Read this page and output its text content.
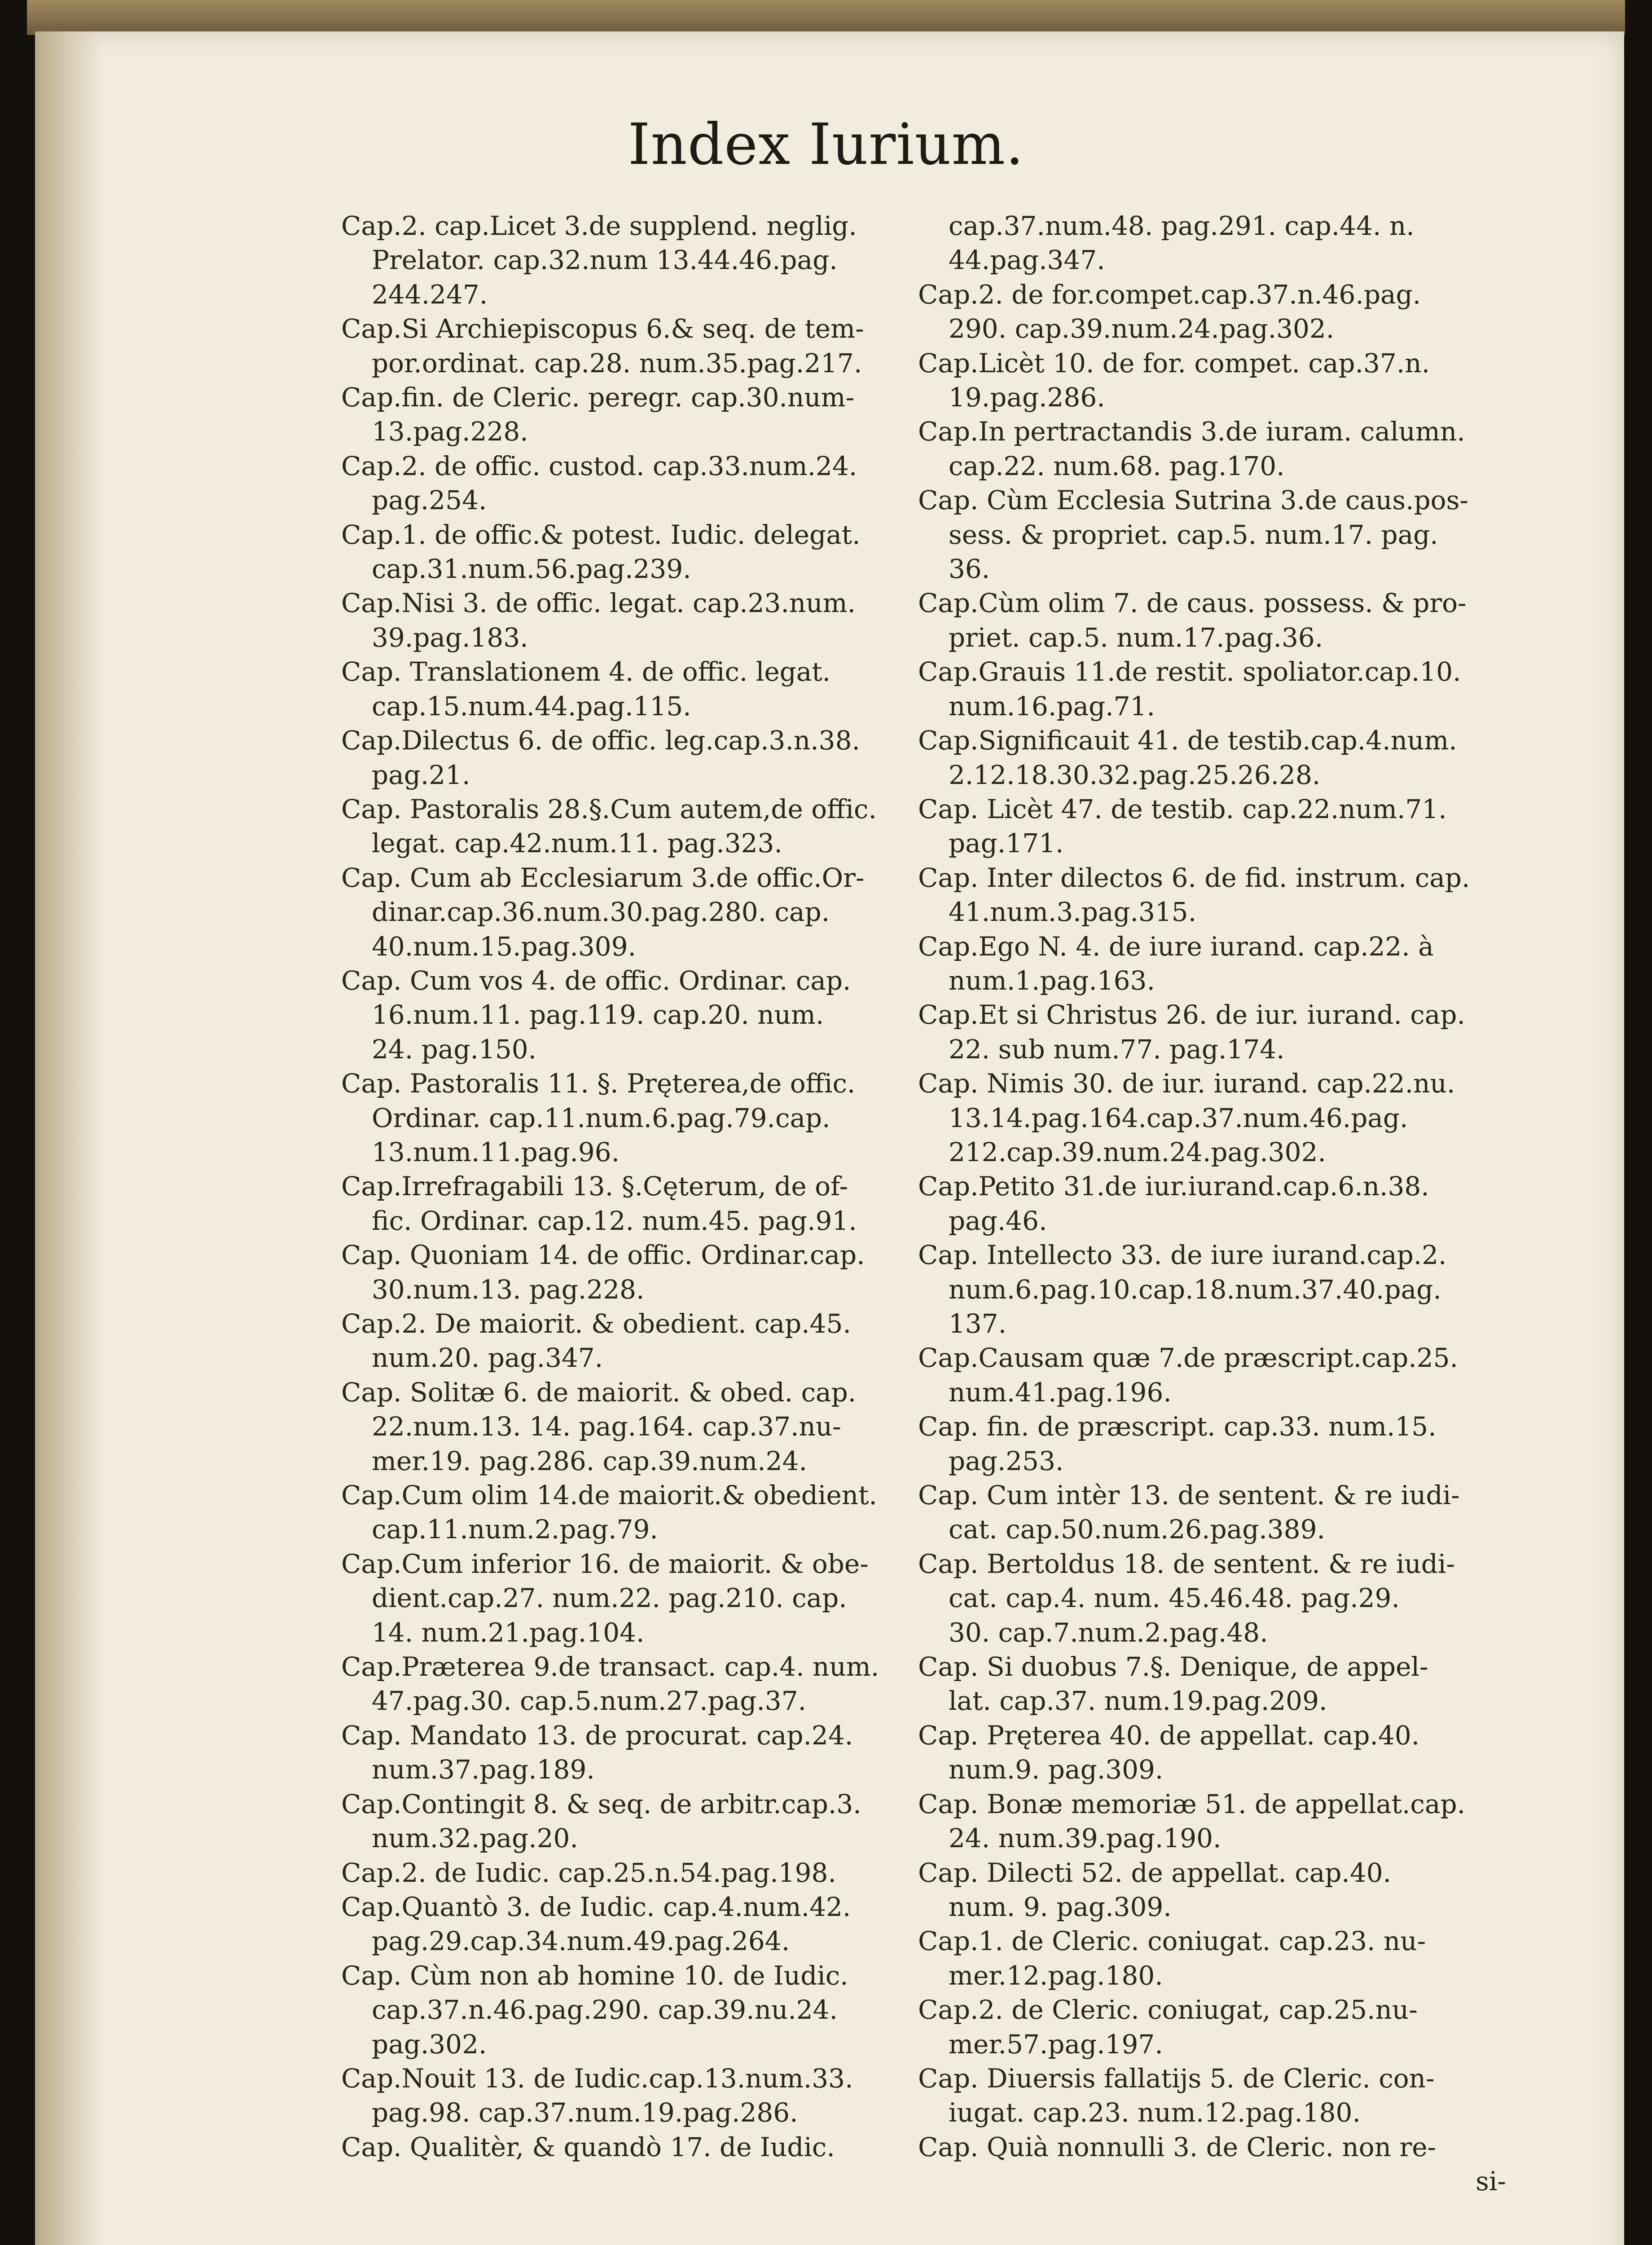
Index Iurium.
Cap.2. cap.Licet 3.de supplend. neglig.
Prelator. cap.32.num 13.44.46.pag.
244.247.
Cap.Si Archiepiscopus 6.& seq. de tem-
por.ordinat. cap.28. num.35.pag.217.
Cap.fin. de Cleric. peregr. cap.30.num-
13.pag.228.
Cap.2. de offic. custod. cap.33.num.24.
pag.254.
Cap.1. de offic.& potest. Iudic. delegat.
cap.31.num.56.pag.239.
Cap.Nisi 3. de offic. legat. cap.23.num.
39.pag.183.
Cap. Translationem 4. de offic. legat.
cap.15.num.44.pag.115.
Cap.Dilectus 6. de offic. leg.cap.3.n.38.
pag.21.
Cap. Pastoralis 28.§.Cum autem,de offic.
legat. cap.42.num.11. pag.323.
Cap. Cum ab Ecclesiarum 3.de offic.Or-
dinar.cap.36.num.30.pag.280. cap.
40.num.15.pag.309.
Cap. Cum vos 4. de offic. Ordinar. cap.
16.num.11. pag.119. cap.20. num.
24. pag.150.
Cap. Pastoralis 11. §. Pręterea,de offic.
Ordinar. cap.11.num.6.pag.79.cap.
13.num.11.pag.96.
Cap.Irrefragabili 13. §.Cęterum, de of-
fic. Ordinar. cap.12. num.45. pag.91.
Cap. Quoniam 14. de offic. Ordinar.cap.
30.num.13. pag.228.
Cap.2. De maiorit. & obedient. cap.45.
num.20. pag.347.
Cap. Solitæ 6. de maiorit. & obed. cap.
22.num.13. 14. pag.164. cap.37.nu-
mer.19. pag.286. cap.39.num.24.
Cap.Cum olim 14.de maiorit.& obedient.
cap.11.num.2.pag.79.
Cap.Cum inferior 16. de maiorit. & obe-
dient.cap.27. num.22. pag.210. cap.
14. num.21.pag.104.
Cap.Præterea 9.de transact. cap.4. num.
47.pag.30. cap.5.num.27.pag.37.
Cap. Mandato 13. de procurat. cap.24.
num.37.pag.189.
Cap.Contingit 8. & seq. de arbitr.cap.3.
num.32.pag.20.
Cap.2. de Iudic. cap.25.n.54.pag.198.
Cap.Quantò 3. de Iudic. cap.4.num.42.
pag.29.cap.34.num.49.pag.264.
Cap. Cùm non ab homine 10. de Iudic.
cap.37.n.46.pag.290. cap.39.nu.24.
pag.302.
Cap.Nouit 13. de Iudic.cap.13.num.33.
pag.98. cap.37.num.19.pag.286.
Cap. Qualitèr, & quandò 17. de Iudic.
cap.37.num.48. pag.291. cap.44. n.
44.pag.347.
Cap.2. de for.compet.cap.37.n.46.pag.
290. cap.39.num.24.pag.302.
Cap.Licèt 10. de for. compet. cap.37.n.
19.pag.286.
Cap.In pertractandis 3.de iuram. calumn.
cap.22. num.68. pag.170.
Cap. Cùm Ecclesia Sutrina 3.de caus.pos-
sess. & propriet. cap.5. num.17. pag.
36.
Cap.Cùm olim 7. de caus. possess. & pro-
priet. cap.5. num.17.pag.36.
Cap.Grauis 11.de restit. spoliator.cap.10.
num.16.pag.71.
Cap.Significauit 41. de testib.cap.4.num.
2.12.18.30.32.pag.25.26.28.
Cap. Licèt 47. de testib. cap.22.num.71.
pag.171.
Cap. Inter dilectos 6. de fid. instrum. cap.
41.num.3.pag.315.
Cap.Ego N. 4. de iure iurand. cap.22. à
num.1.pag.163.
Cap.Et si Christus 26. de iur. iurand. cap.
22. sub num.77. pag.174.
Cap. Nimis 30. de iur. iurand. cap.22.nu.
13.14.pag.164.cap.37.num.46.pag.
212.cap.39.num.24.pag.302.
Cap.Petito 31.de iur.iurand.cap.6.n.38.
pag.46.
Cap. Intellecto 33. de iure iurand.cap.2.
num.6.pag.10.cap.18.num.37.40.pag.
137.
Cap.Causam quæ 7.de præscript.cap.25.
num.41.pag.196.
Cap. fin. de præscript. cap.33. num.15.
pag.253.
Cap. Cum intèr 13. de sentent. & re iudi-
cat. cap.50.num.26.pag.389.
Cap. Bertoldus 18. de sentent. & re iudi-
cat. cap.4. num. 45.46.48. pag.29.
30. cap.7.num.2.pag.48.
Cap. Si duobus 7.§. Denique, de appel-
lat. cap.37. num.19.pag.209.
Cap. Pręterea 40. de appellat. cap.40.
num.9. pag.309.
Cap. Bonæ memoriæ 51. de appellat.cap.
24. num.39.pag.190.
Cap. Dilecti 52. de appellat. cap.40.
num. 9. pag.309.
Cap.1. de Cleric. coniugat. cap.23. nu-
mer.12.pag.180.
Cap.2. de Cleric. coniugat, cap.25.nu-
mer.57.pag.197.
Cap. Diuersis fallatijs 5. de Cleric. con-
iugat. cap.23. num.12.pag.180.
Cap. Quià nonnulli 3. de Cleric. non re-
si-
